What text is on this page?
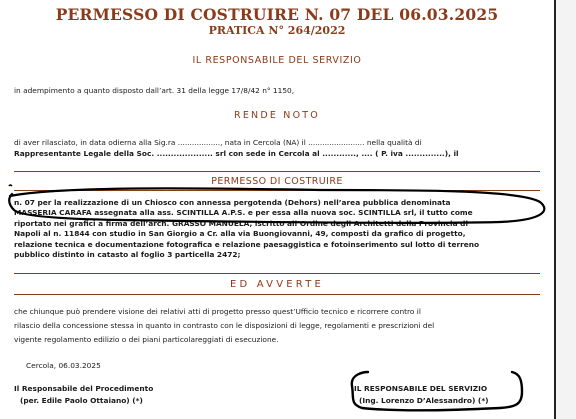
PERMESSO DI COSTRUIRE N. 07 DEL 06.03.2025
PRATICA N° 264/2022
IL RESPONSABILE DEL SERVIZIO
in adempimento a quanto disposto dall’art. 31 della legge 17/8/42 n° 1150,
RENDE NOTO
di aver rilasciato, in data odierna alla Sig.ra .................., nata in Cercola (NA) il ........................ nella qualità di
Rappresentante Legale della Soc. .................... srl con sede in Cercola al ............, .... ( P. iva ..............), il
PERMESSO DI COSTRUIRE
n. 07 per la realizzazione di un Chiosco con annessa pergotenda (Dehors) nell’area pubblica denominata
MASSERIA CARAFA assegnata alla ass. SCINTILLA A.P.S. e per essa alla nuova soc. SCINTILLA srl, il tutto come
riportato nei grafici a firma dell’arch. GRASSO MANUELA, iscritto all’Ordine degli Architetti della Provincia di
Napoli al n. 11844 con studio in San Giorgio a Cr. alla via Buongiovanni, 49, composti da grafico di progetto,
relazione tecnica e documentazione fotografica e relazione paesaggistica e fotoinserimento sul lotto di terreno
pubblico distinto in catasto al foglio 3 particella 2472;
ED AVVERTE
che chiunque può prendere visione dei relativi atti di progetto presso quest’Ufficio tecnico e ricorrere contro il
rilascio della concessione stessa in quanto in contrasto con le disposizioni di legge, regolamenti e prescrizioni del
vigente regolamento edilizio o dei piani particolareggiati di esecuzione.
Cercola, 06.03.2025
Il Responsabile del Procedimento
(per. Edile Paolo Ottaiano) (*)
IL RESPONSABILE DEL SERVIZIO
(Ing. Lorenzo D’Alessandro) (*)
